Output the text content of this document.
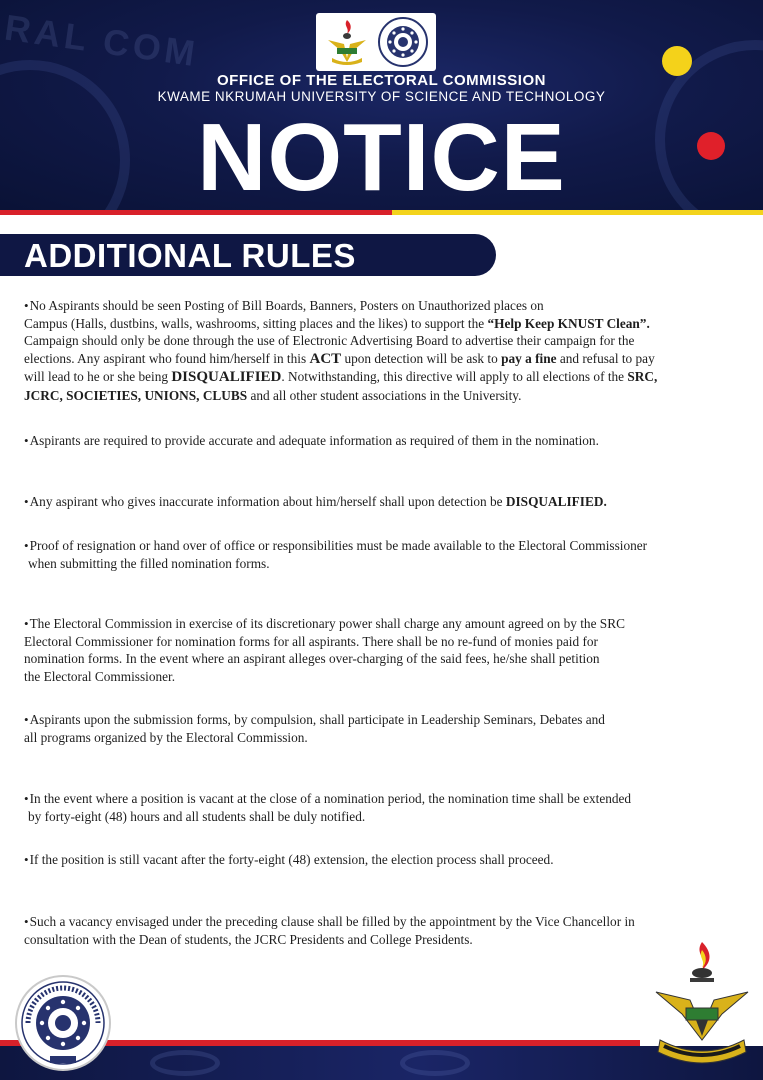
RAL COM
OFFICE OF THE ELECTORAL COMMISSION
KWAME NKRUMAH UNIVERSITY OF SCIENCE AND TECHNOLOGY
NOTICE
ADDITIONAL RULES
•No Aspirants should be seen Posting of Bill Boards, Banners, Posters on Unauthorized places on
Campus (Halls, dustbins, walls, washrooms, sitting places and the likes) to support the “Help Keep KNUST Clean”.
Campaign should only be done through the use of Electronic Advertising Board to advertise their campaign for the
elections. Any aspirant who found him/herself in this ACT upon detection will be ask to pay a fine and refusal to pay
will lead to he or she being DISQUALIFIED. Notwithstanding, this directive will apply to all elections of the SRC,
JCRC, SOCIETIES, UNIONS, CLUBS and all other student associations in the University.
•Aspirants are required to provide accurate and adequate information as required of them in the nomination.
•Any aspirant who gives inaccurate information about him/herself shall upon detection be DISQUALIFIED.
•Proof of resignation or hand over of office or responsibilities must be made available to the Electoral Commissioner
when submitting the filled nomination forms.
•The Electoral Commission in exercise of its discretionary power shall charge any amount agreed on by the SRC
Electoral Commissioner for nomination forms for all aspirants. There shall be no re-fund of monies paid for
nomination forms. In the event where an aspirant alleges over-charging of the said fees, he/she shall petition
the Electoral Commissioner.
•Aspirants upon the submission forms, by compulsion, shall participate in Leadership Seminars, Debates and
all programs organized by the Electoral Commission.
•In the event where a position is vacant at the close of a nomination period, the nomination time shall be extended
by forty-eight (48) hours and all students shall be duly notified.
•If the position is still vacant after the forty-eight (48) extension, the election process shall proceed.
•Such a vacancy envisaged under the preceding clause shall be filled by the appointment by the Vice Chancellor in
consultation with the Dean of students, the JCRC Presidents and College Presidents.
